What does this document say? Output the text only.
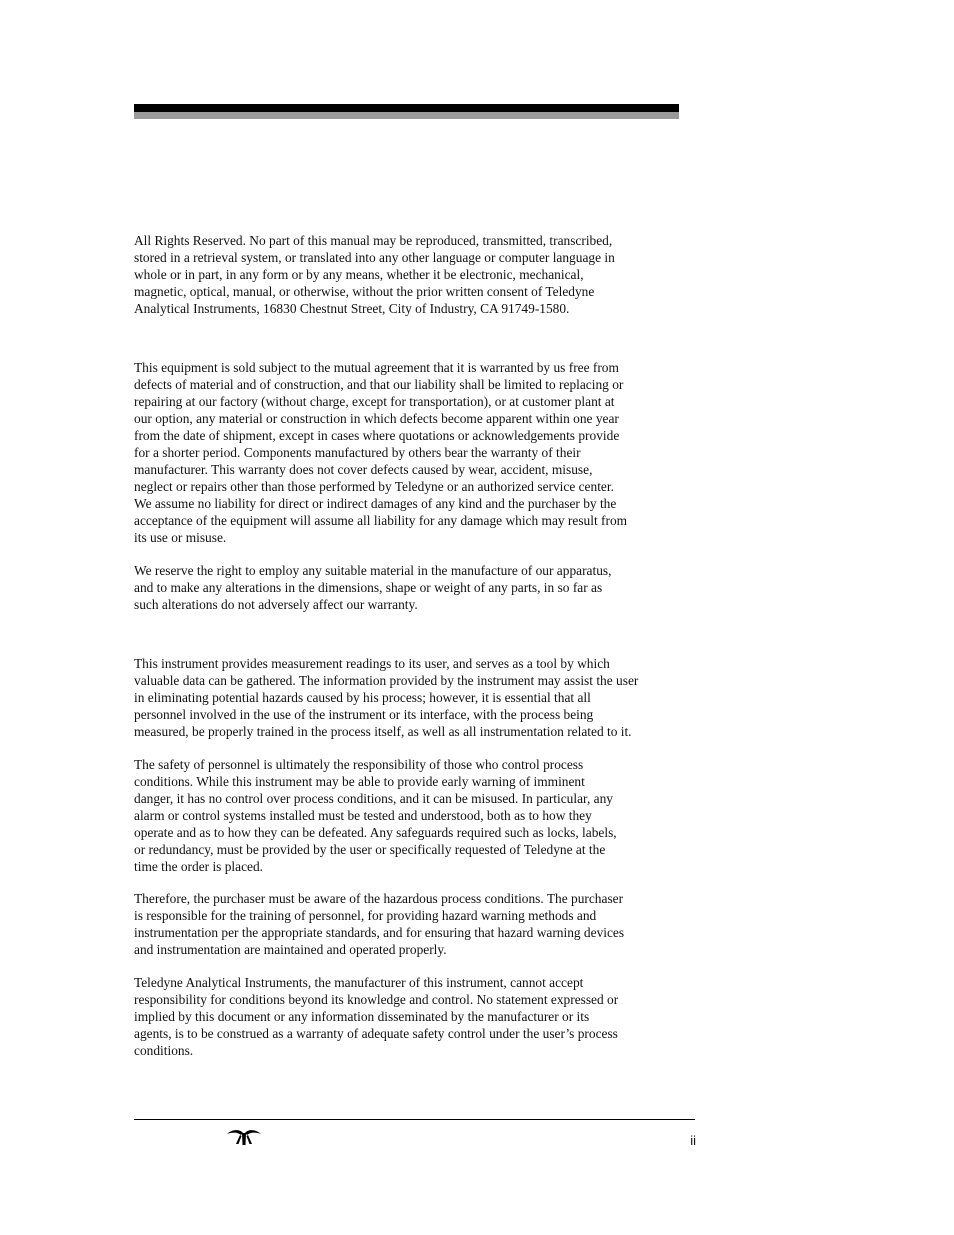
All Rights Reserved. No part of this manual may be reproduced, transmitted, transcribed,
stored in a retrieval system, or translated into any other language or computer language in
whole or in part, in any form or by any means, whether it be electronic, mechanical,
magnetic, optical, manual, or otherwise, without the prior written consent of Teledyne
Analytical Instruments, 16830 Chestnut Street, City of Industry, CA 91749-1580.

This equipment is sold subject to the mutual agreement that it is warranted by us free from
defects of material and of construction, and that our liability shall be limited to replacing or
repairing at our factory (without charge, except for transportation), or at customer plant at
our option, any material or construction in which defects become apparent within one year
from the date of shipment, except in cases where quotations or acknowledgements provide
for a shorter period. Components manufactured by others bear the warranty of their
manufacturer. This warranty does not cover defects caused by wear, accident, misuse,
neglect or repairs other than those performed by Teledyne or an authorized service center.
We assume no liability for direct or indirect damages of any kind and the purchaser by the
acceptance of the equipment will assume all liability for any damage which may result from
its use or misuse.

We reserve the right to employ any suitable material in the manufacture of our apparatus,
and to make any alterations in the dimensions, shape or weight of any parts, in so far as
such alterations do not adversely affect our warranty.

This instrument provides measurement readings to its user, and serves as a tool by which
valuable data can be gathered. The information provided by the instrument may assist the user
in eliminating potential hazards caused by his process; however, it is essential that all
personnel involved in the use of the instrument or its interface, with the process being
measured, be properly trained in the process itself, as well as all instrumentation related to it.

The safety of personnel is ultimately the responsibility of those who control process
conditions. While this instrument may be able to provide early warning of imminent
danger, it has no control over process conditions, and it can be misused. In particular, any
alarm or control systems installed must be tested and understood, both as to how they
operate and as to how they can be defeated. Any safeguards required such as locks, labels,
or redundancy, must be provided by the user or specifically requested of Teledyne at the
time the order is placed.

Therefore, the purchaser must be aware of the hazardous process conditions. The purchaser
is responsible for the training of personnel, for providing hazard warning methods and
instrumentation per the appropriate standards, and for ensuring that hazard warning devices
and instrumentation are maintained and operated properly.

Teledyne Analytical Instruments, the manufacturer of this instrument, cannot accept
responsibility for conditions beyond its knowledge and control. No statement expressed or
implied by this document or any information disseminated by the manufacturer or its
agents, is to be construed as a warranty of adequate safety control under the user’s process
conditions.

ii
